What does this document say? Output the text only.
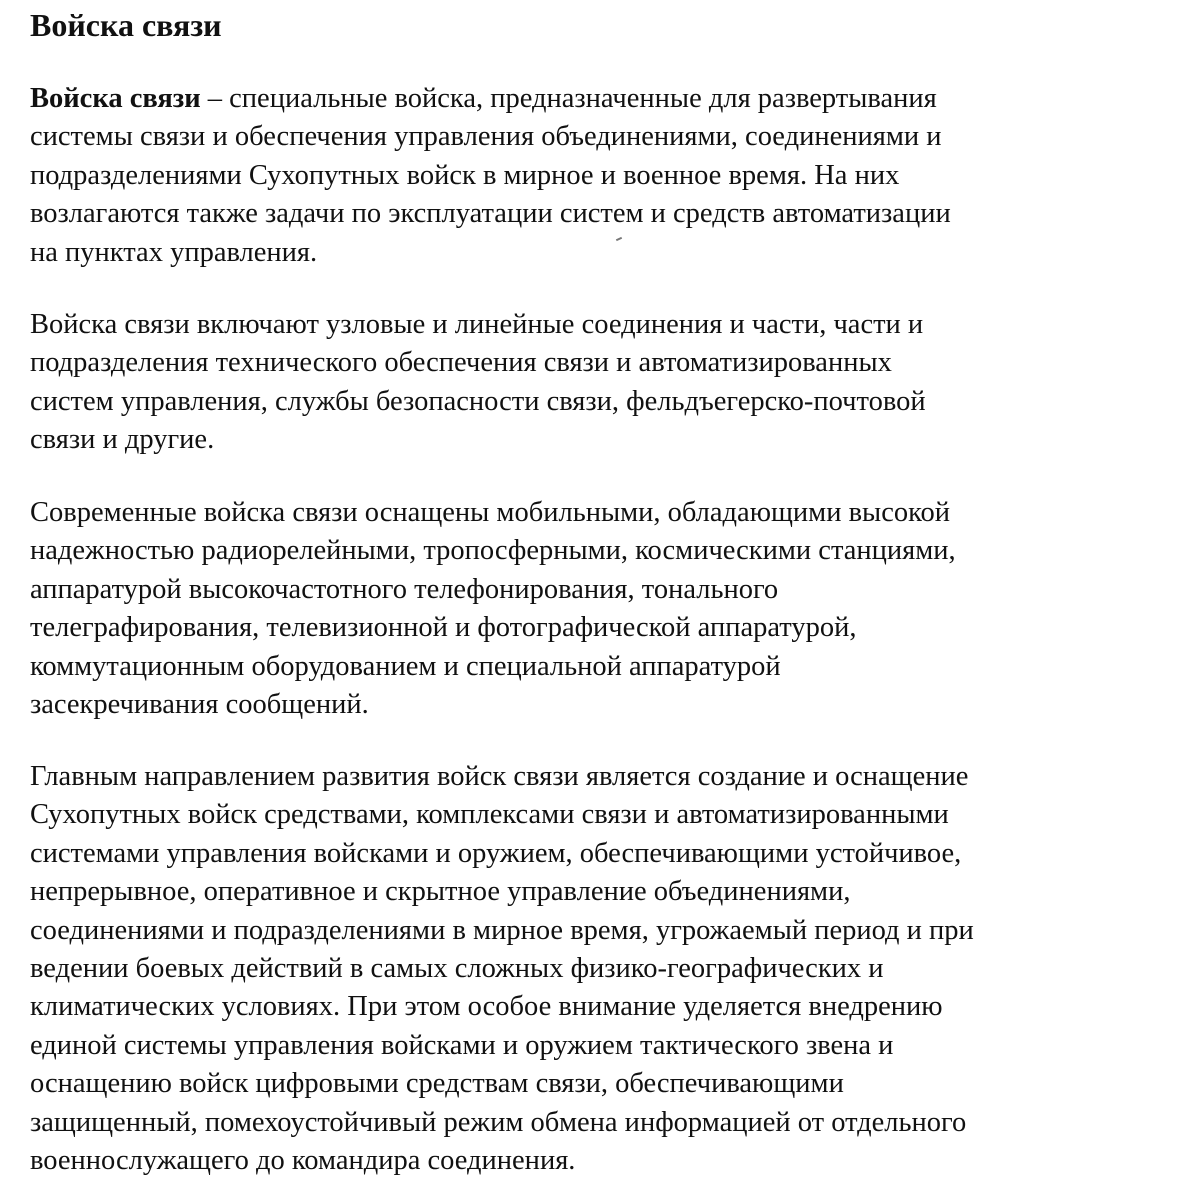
Войска связи

Войска связи – специальные войска, предназначенные для развертывания
системы связи и обеспечения управления объединениями, соединениями и
подразделениями Сухопутных войск в мирное и военное время. На них
возлагаются также задачи по эксплуатации систем и средств автоматизации
на пунктах управления.

Войска связи включают узловые и линейные соединения и части, части и
подразделения технического обеспечения связи и автоматизированных
систем управления, службы безопасности связи, фельдъегерско-почтовой
связи и другие.

Современные войска связи оснащены мобильными, обладающими высокой
надежностью радиорелейными, тропосферными, космическими станциями,
аппаратурой высокочастотного телефонирования, тонального
телеграфирования, телевизионной и фотографической аппаратурой,
коммутационным оборудованием и специальной аппаратурой
засекречивания сообщений.

Главным направлением развития войск связи является создание и оснащение
Сухопутных войск средствами, комплексами связи и автоматизированными
системами управления войсками и оружием, обеспечивающими устойчивое,
непрерывное, оперативное и скрытное управление объединениями,
соединениями и подразделениями в мирное время, угрожаемый период и при
ведении боевых действий в самых сложных физико-географических и
климатических условиях. При этом особое внимание уделяется внедрению
единой системы управления войсками и оружием тактического звена и
оснащению войск цифровыми средствам связи, обеспечивающими
защищенный, помехоустойчивый режим обмена информацией от отдельного
военнослужащего до командира соединения.
